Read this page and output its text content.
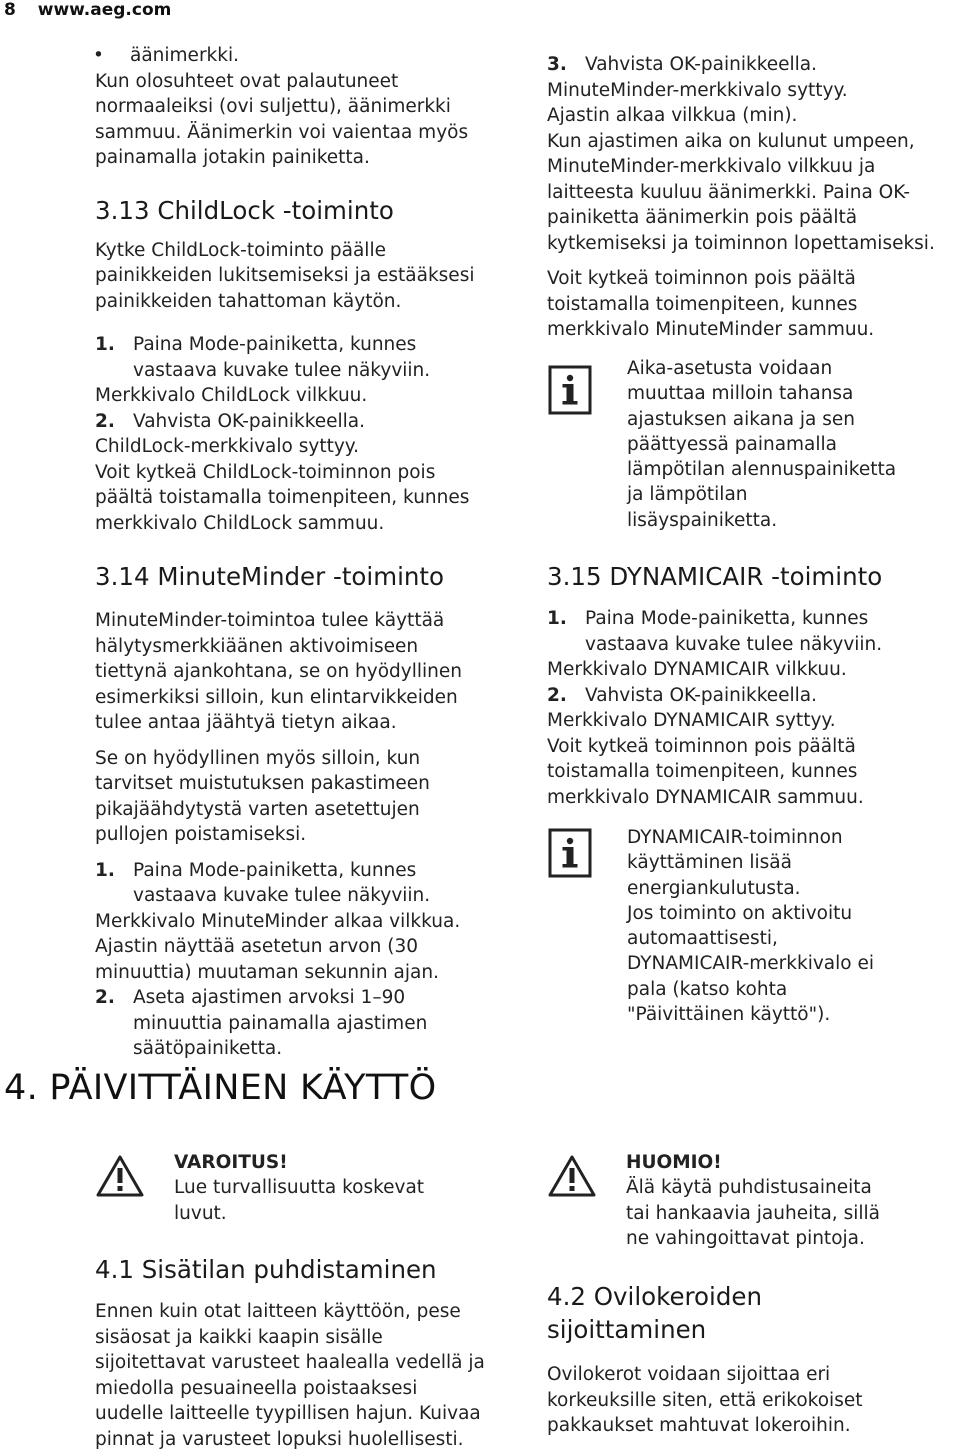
8 www.aeg.com

• äänimerkki.

Kun olosuhteet ovat palautuneet
normaaleiksi (ovi suljettu), äänimerkki
sammuu. Äänimerkin voi vaientaa myös
painamalla jotakin painiketta.

3.13 ChildLock -toiminto

Kytke ChildLock-toiminto päälle
painikkeiden lukitsemiseksi ja estääksesi
painikkeiden tahattoman käytön.

1. Paina Mode-painiketta, kunnes
vastaava kuvake tulee näkyviin.

Merkkivalo ChildLock vilkkuu.

2. Vahvista OK-painikkeella.

ChildLock-merkkivalo syttyy.
Voit kytkeä ChildLock-toiminnon pois
päältä toistamalla toimenpiteen, kunnes
merkkivalo ChildLock sammuu.

3.14 MinuteMinder -toiminto

MinuteMinder-toimintoa tulee käyttää
hälytysmerkkiäänen aktivoimiseen
tiettynä ajankohtana, se on hyödyllinen
esimerkiksi silloin, kun elintarvikkeiden
tulee antaa jäähtyä tietyn aikaa.

Se on hyödyllinen myös silloin, kun
tarvitset muistutuksen pakastimeen
pikajäähdytystä varten asetettujen
pullojen poistamiseksi.

1. Paina Mode-painiketta, kunnes
vastaava kuvake tulee näkyviin.

Merkkivalo MinuteMinder alkaa vilkkua.
Ajastin näyttää asetetun arvon (30
minuuttia) muutaman sekunnin ajan.

2. Aseta ajastimen arvoksi 1–90
minuuttia painamalla ajastimen
säätöpainiketta.

3. Vahvista OK-painikkeella.

MinuteMinder-merkkivalo syttyy.
Ajastin alkaa vilkkua (min).
Kun ajastimen aika on kulunut umpeen,
MinuteMinder-merkkivalo vilkkuu ja
laitteesta kuuluu äänimerkki. Paina OK-
painiketta äänimerkin pois päältä
kytkemiseksi ja toiminnon lopettamiseksi.

Voit kytkeä toiminnon pois päältä
toistamalla toimenpiteen, kunnes
merkkivalo MinuteMinder sammuu.

Aika-asetusta voidaan
muuttaa milloin tahansa
ajastuksen aikana ja sen
päättyessä painamalla
lämpötilan alennuspainiketta
ja lämpötilan
lisäyspainiketta.

3.15 DYNAMICAIR -toiminto

1. Paina Mode-painiketta, kunnes
vastaava kuvake tulee näkyviin.

Merkkivalo DYNAMICAIR vilkkuu.

2. Vahvista OK-painikkeella.

Merkkivalo DYNAMICAIR syttyy.
Voit kytkeä toiminnon pois päältä
toistamalla toimenpiteen, kunnes
merkkivalo DYNAMICAIR sammuu.

DYNAMICAIR-toiminnon
käyttäminen lisää
energiankulutusta.
Jos toiminto on aktivoitu
automaattisesti,
DYNAMICAIR-merkkivalo ei
pala (katso kohta
"Päivittäinen käyttö").
4. PÄIVITTÄINEN KÄYTTÖ
VAROITUS!
Lue turvallisuutta koskevat
luvut.
HUOMIO!
Älä käytä puhdistusaineita
tai hankaavia jauheita, sillä
ne vahingoittavat pintoja.

4.1 Sisätilan puhdistaminen

Ennen kuin otat laitteen käyttöön, pese
sisäosat ja kaikki kaapin sisälle
sijoitettavat varusteet haalealla vedellä ja
miedolla pesuaineella poistaaksesi
uudelle laitteelle tyypillisen hajun. Kuivaa
pinnat ja varusteet lopuksi huolellisesti.

4.2 Ovilokeroiden
sijoittaminen

Ovilokerot voidaan sijoittaa eri
korkeuksille siten, että erikokoiset
pakkaukset mahtuvat lokeroihin.
